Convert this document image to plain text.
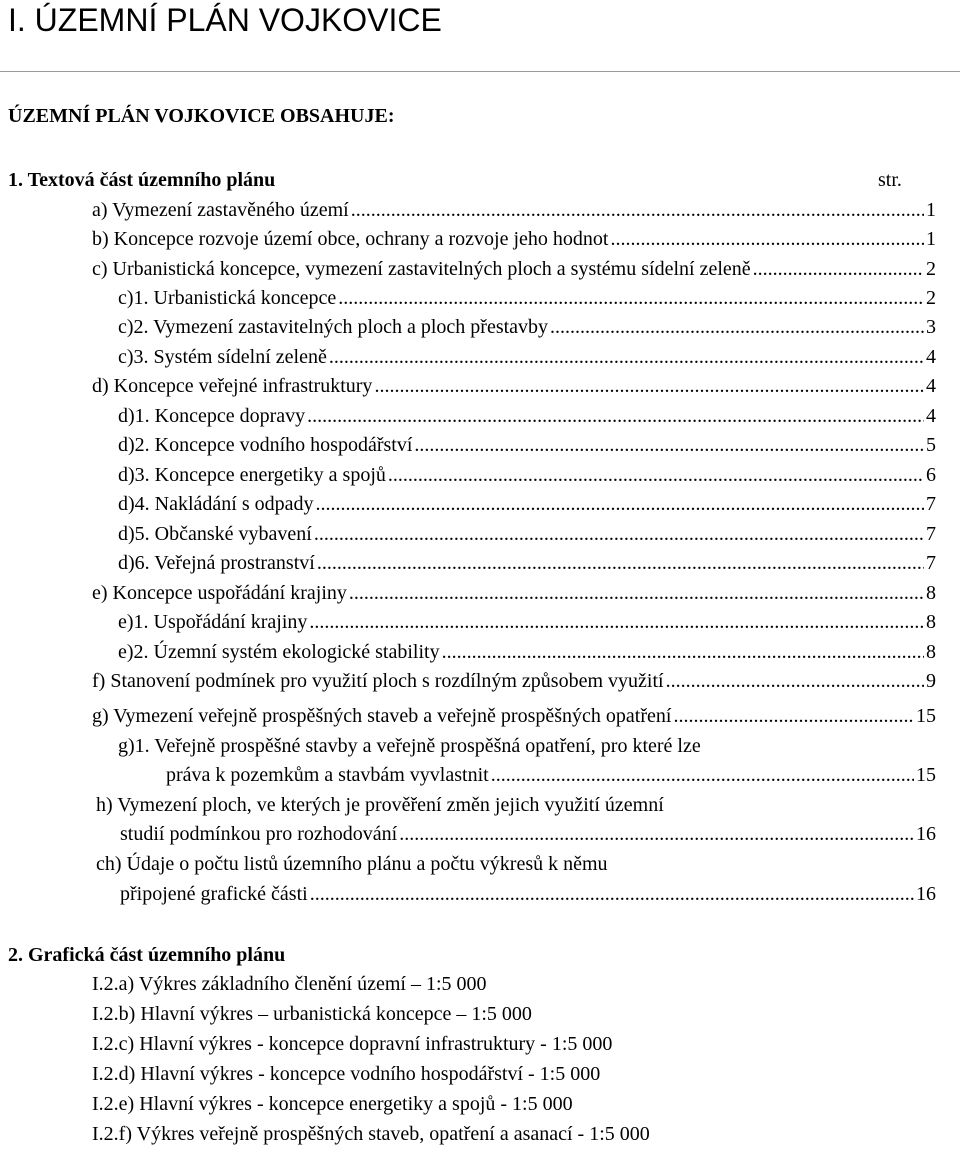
I. ÚZEMNÍ PLÁN VOJKOVICE
ÚZEMNÍ PLÁN VOJKOVICE OBSAHUJE:
1. Textová část územního plánu	str.
a) Vymezení zastavěného území .....	1
b) Koncepce rozvoje území obce, ochrany a rozvoje jeho hodnot .....	1
c) Urbanistická koncepce, vymezení zastavitelných ploch a systému sídelní zeleně .....	2
c)1. Urbanistická koncepce .....	2
c)2. Vymezení zastavitelných ploch a ploch přestavby .....	3
c)3. Systém sídelní zeleně .....	4
d) Koncepce veřejné infrastruktury .....	4
d)1. Koncepce dopravy .....	4
d)2. Koncepce vodního hospodářství .....	5
d)3. Koncepce energetiky a spojů .....	6
d)4. Nakládání s odpady .....	7
d)5. Občanské vybavení .....	7
d)6. Veřejná prostranství .....	7
e) Koncepce uspořádání krajiny .....	8
e)1. Uspořádání krajiny .....	8
e)2. Územní systém ekologické stability .....	8
f) Stanovení podmínek pro využití ploch s rozdílným způsobem využití .....	9
g) Vymezení veřejně prospěšných staveb a veřejně prospěšných opatření .....	15
g)1. Veřejně prospěšné stavby a veřejně prospěšná opatření, pro které lze
práva k pozemkům a stavbám vyvlastnit .....	15
h) Vymezení ploch, ve kterých je prověření změn jejich využití územní
studií podmínkou pro rozhodování .....	16
ch) Údaje o počtu listů územního plánu a počtu výkresů k němu
připojené grafické části .....	16
2. Grafická část územního plánu
I.2.a) Výkres základního členění území – 1:5 000
I.2.b) Hlavní výkres – urbanistická koncepce – 1:5 000
I.2.c) Hlavní výkres - koncepce dopravní infrastruktury - 1:5 000
I.2.d) Hlavní výkres - koncepce vodního hospodářství - 1:5 000
I.2.e) Hlavní výkres - koncepce energetiky a spojů - 1:5 000
I.2.f) Výkres veřejně prospěšných staveb, opatření a asanací - 1:5 000
